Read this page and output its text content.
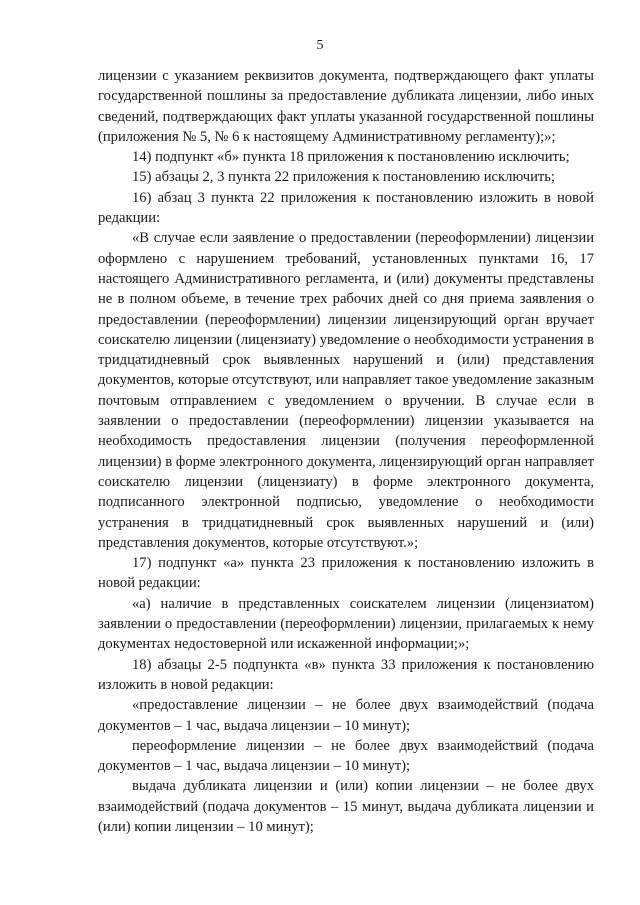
5

лицензии с указанием реквизитов документа, подтверждающего факт уплаты государственной пошлины за предоставление дубликата лицензии, либо иных сведений, подтверждающих факт уплаты указанной государственной пошлины (приложения № 5, № 6 к настоящему Административному регламенту);»;

14) подпункт «б» пункта 18 приложения к постановлению исключить;

15) абзацы 2, 3 пункта 22 приложения к постановлению исключить;

16) абзац 3 пункта 22 приложения к постановлению изложить в новой редакции:

«В случае если заявление о предоставлении (переоформлении) лицензии оформлено с нарушением требований, установленных пунктами 16, 17 настоящего Административного регламента, и (или) документы представлены не в полном объеме, в течение трех рабочих дней со дня приема заявления о предоставлении (переоформлении) лицензии лицензирующий орган вручает соискателю лицензии (лицензиату) уведомление о необходимости устранения в тридцатидневный срок выявленных нарушений и (или) представления документов, которые отсутствуют, или направляет такое уведомление заказным почтовым отправлением с уведомлением о вручении. В случае если в заявлении о предоставлении (переоформлении) лицензии указывается на необходимость предоставления лицензии (получения переоформленной лицензии) в форме электронного документа, лицензирующий орган направляет соискателю лицензии (лицензиату) в форме электронного документа, подписанного электронной подписью, уведомление о необходимости устранения в тридцатидневный срок выявленных нарушений и (или) представления документов, которые отсутствуют.»;

17) подпункт «а» пункта 23 приложения к постановлению изложить в новой редакции:

«а) наличие в представленных соискателем лицензии (лицензиатом) заявлении о предоставлении (переоформлении) лицензии, прилагаемых к нему документах недостоверной или искаженной информации;»;

18) абзацы 2-5 подпункта «в» пункта 33 приложения к постановлению изложить в новой редакции:

«предоставление лицензии – не более двух взаимодействий (подача документов – 1 час, выдача лицензии – 10 минут);

переоформление лицензии – не более двух взаимодействий (подача документов – 1 час, выдача лицензии – 10 минут);

выдача дубликата лицензии и (или) копии лицензии – не более двух взаимодействий (подача документов – 15 минут, выдача дубликата лицензии и (или) копии лицензии – 10 минут);
